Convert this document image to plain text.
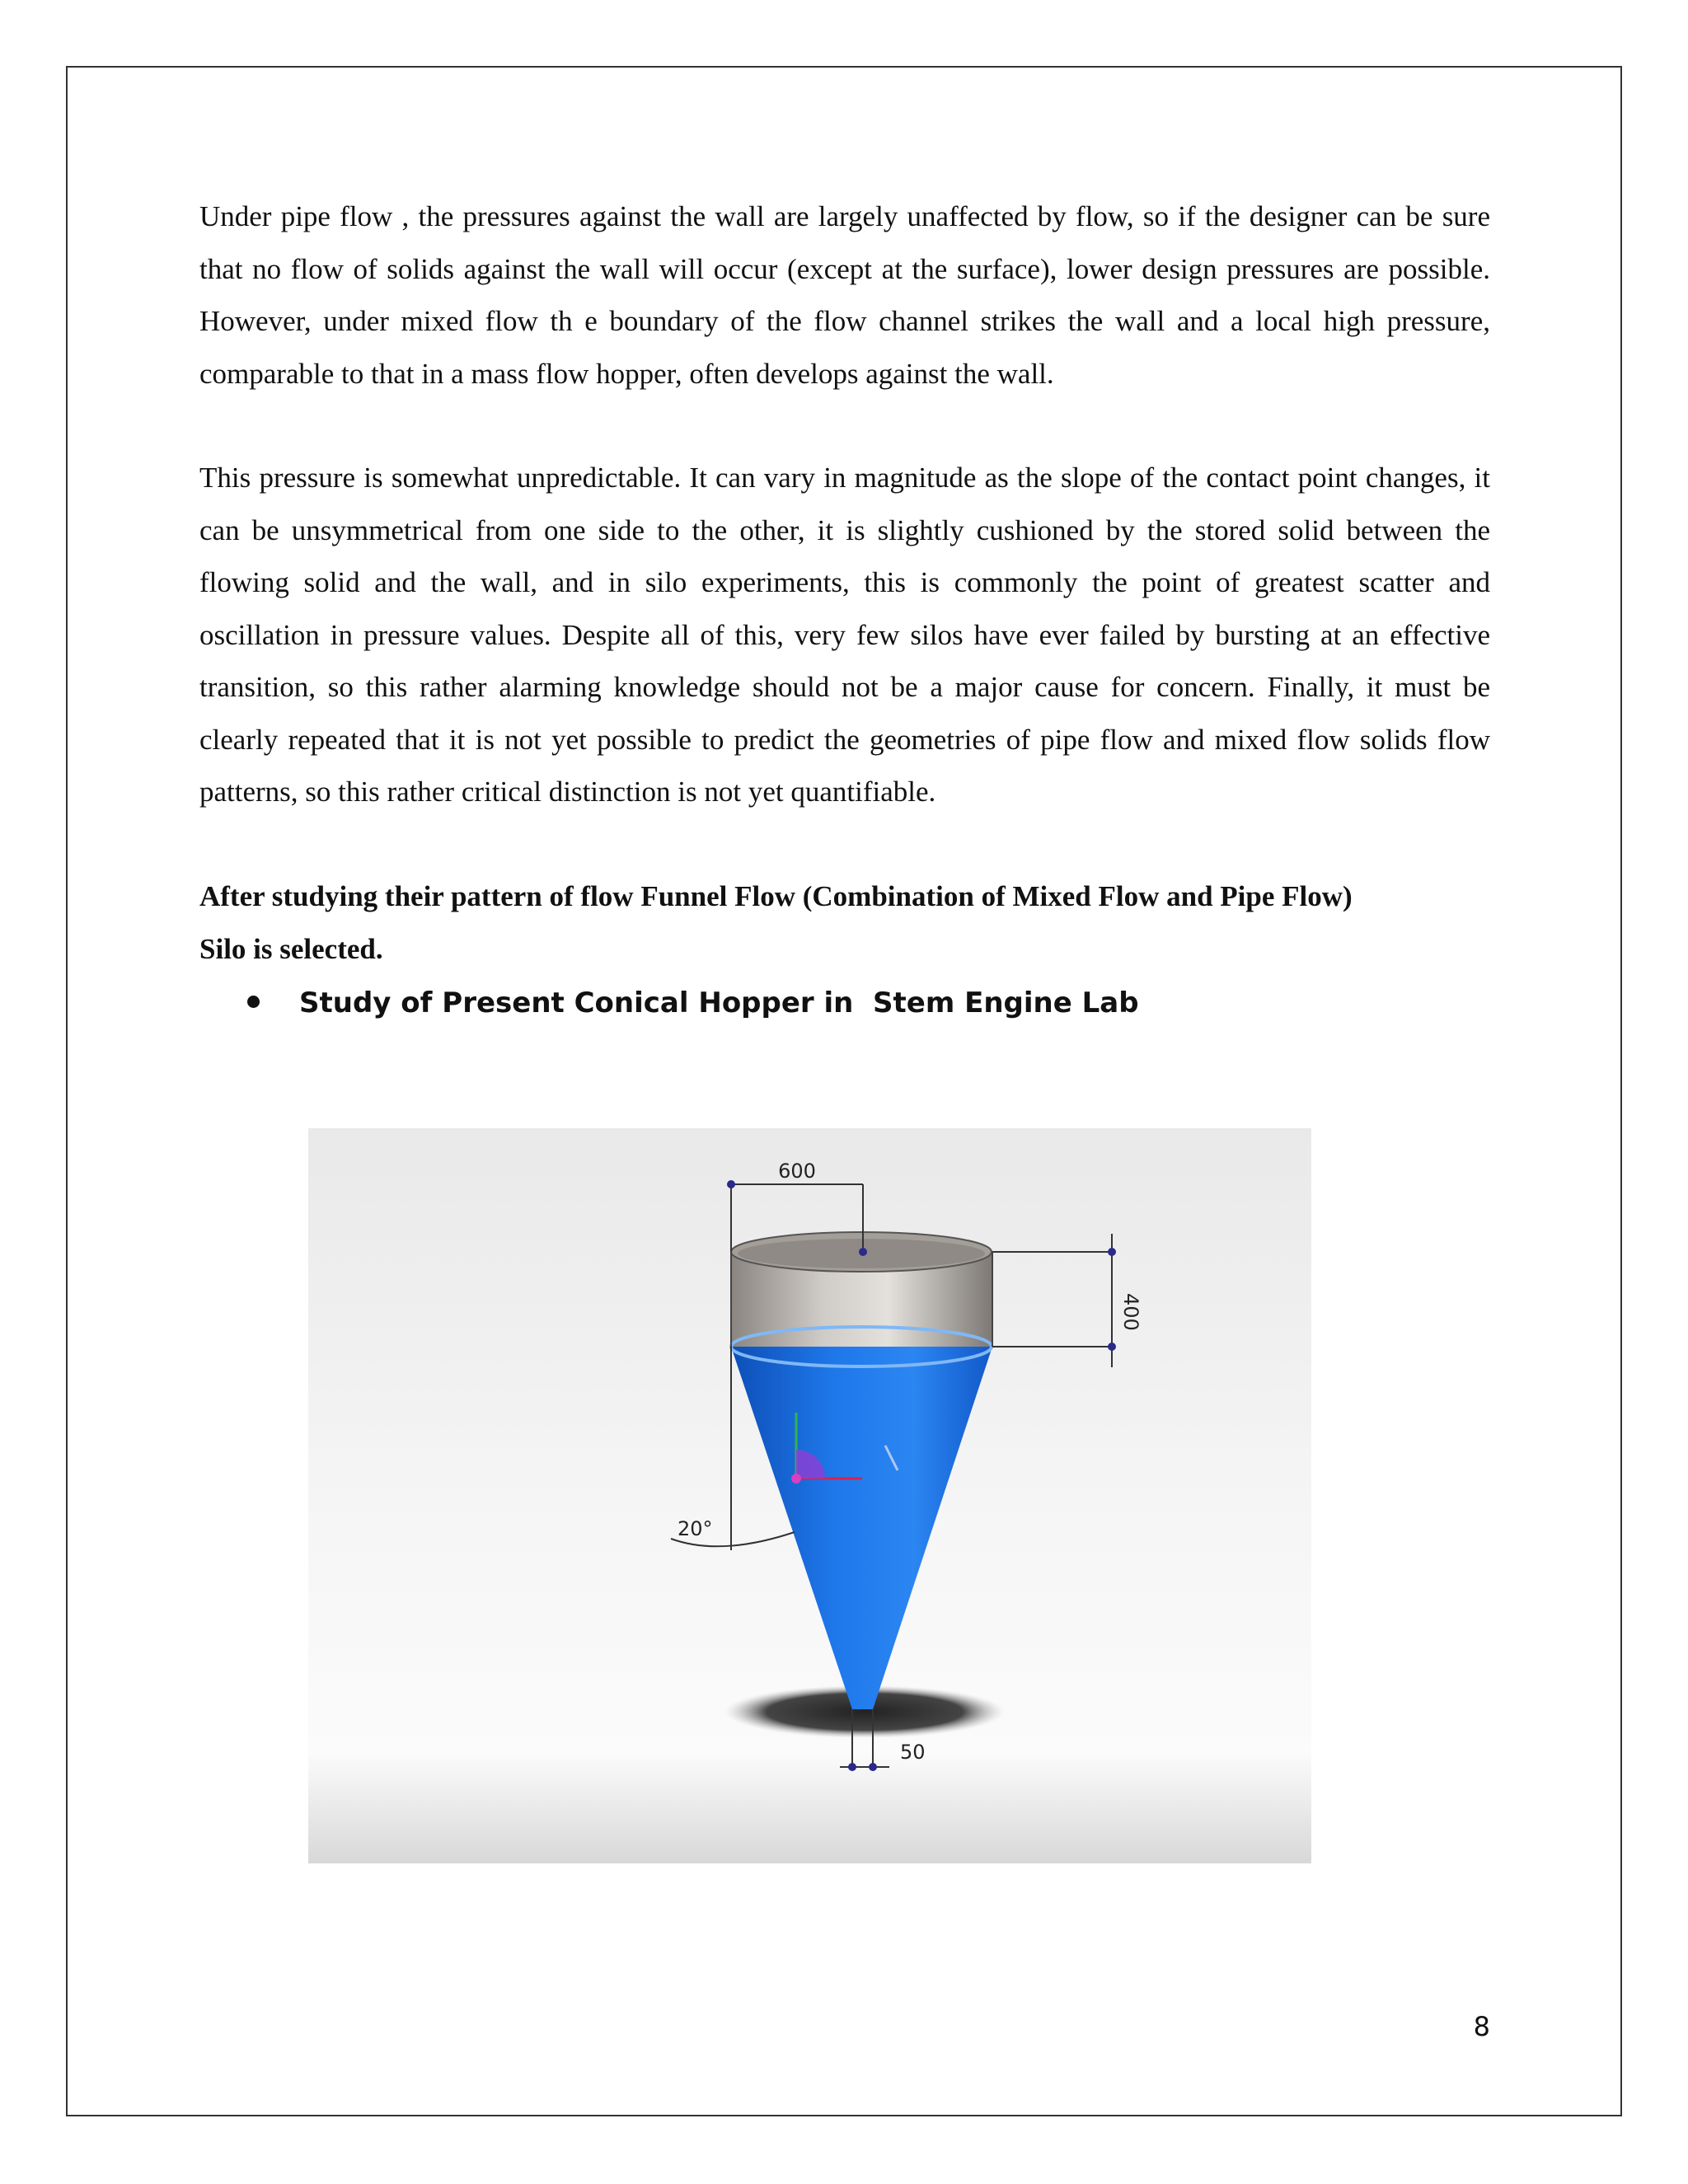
Under pipe flow , the pressures against the wall are largely unaffected by flow, so if the designer can be sure that no flow of solids against the wall will occur (except at the surface), lower design pressures are possible. However, under mixed flow th e boundary of the flow channel strikes the wall and a local high pressure, comparable to that in a mass flow hopper, often develops against the wall.

This pressure is somewhat unpredictable. It can vary in magnitude as the slope of the contact point changes, it can be unsymmetrical from one side to the other, it is slightly cushioned by the stored solid between the flowing solid and the wall, and in silo experiments, this is commonly the point of greatest scatter and oscillation in pressure values. Despite all of this, very few silos have ever failed by bursting at an effective transition, so this rather alarming knowledge should not be a major cause for concern. Finally, it must be clearly repeated that it is not yet possible to predict the geometries of pipe flow and mixed flow solids flow patterns, so this rather critical distinction is not yet quantifiable.

After studying their pattern of flow Funnel Flow (Combination of Mixed Flow and Pipe Flow)
Silo is selected.
Study of Present Conical Hopper in  Stem Engine Lab
600
400
20°
50
8
